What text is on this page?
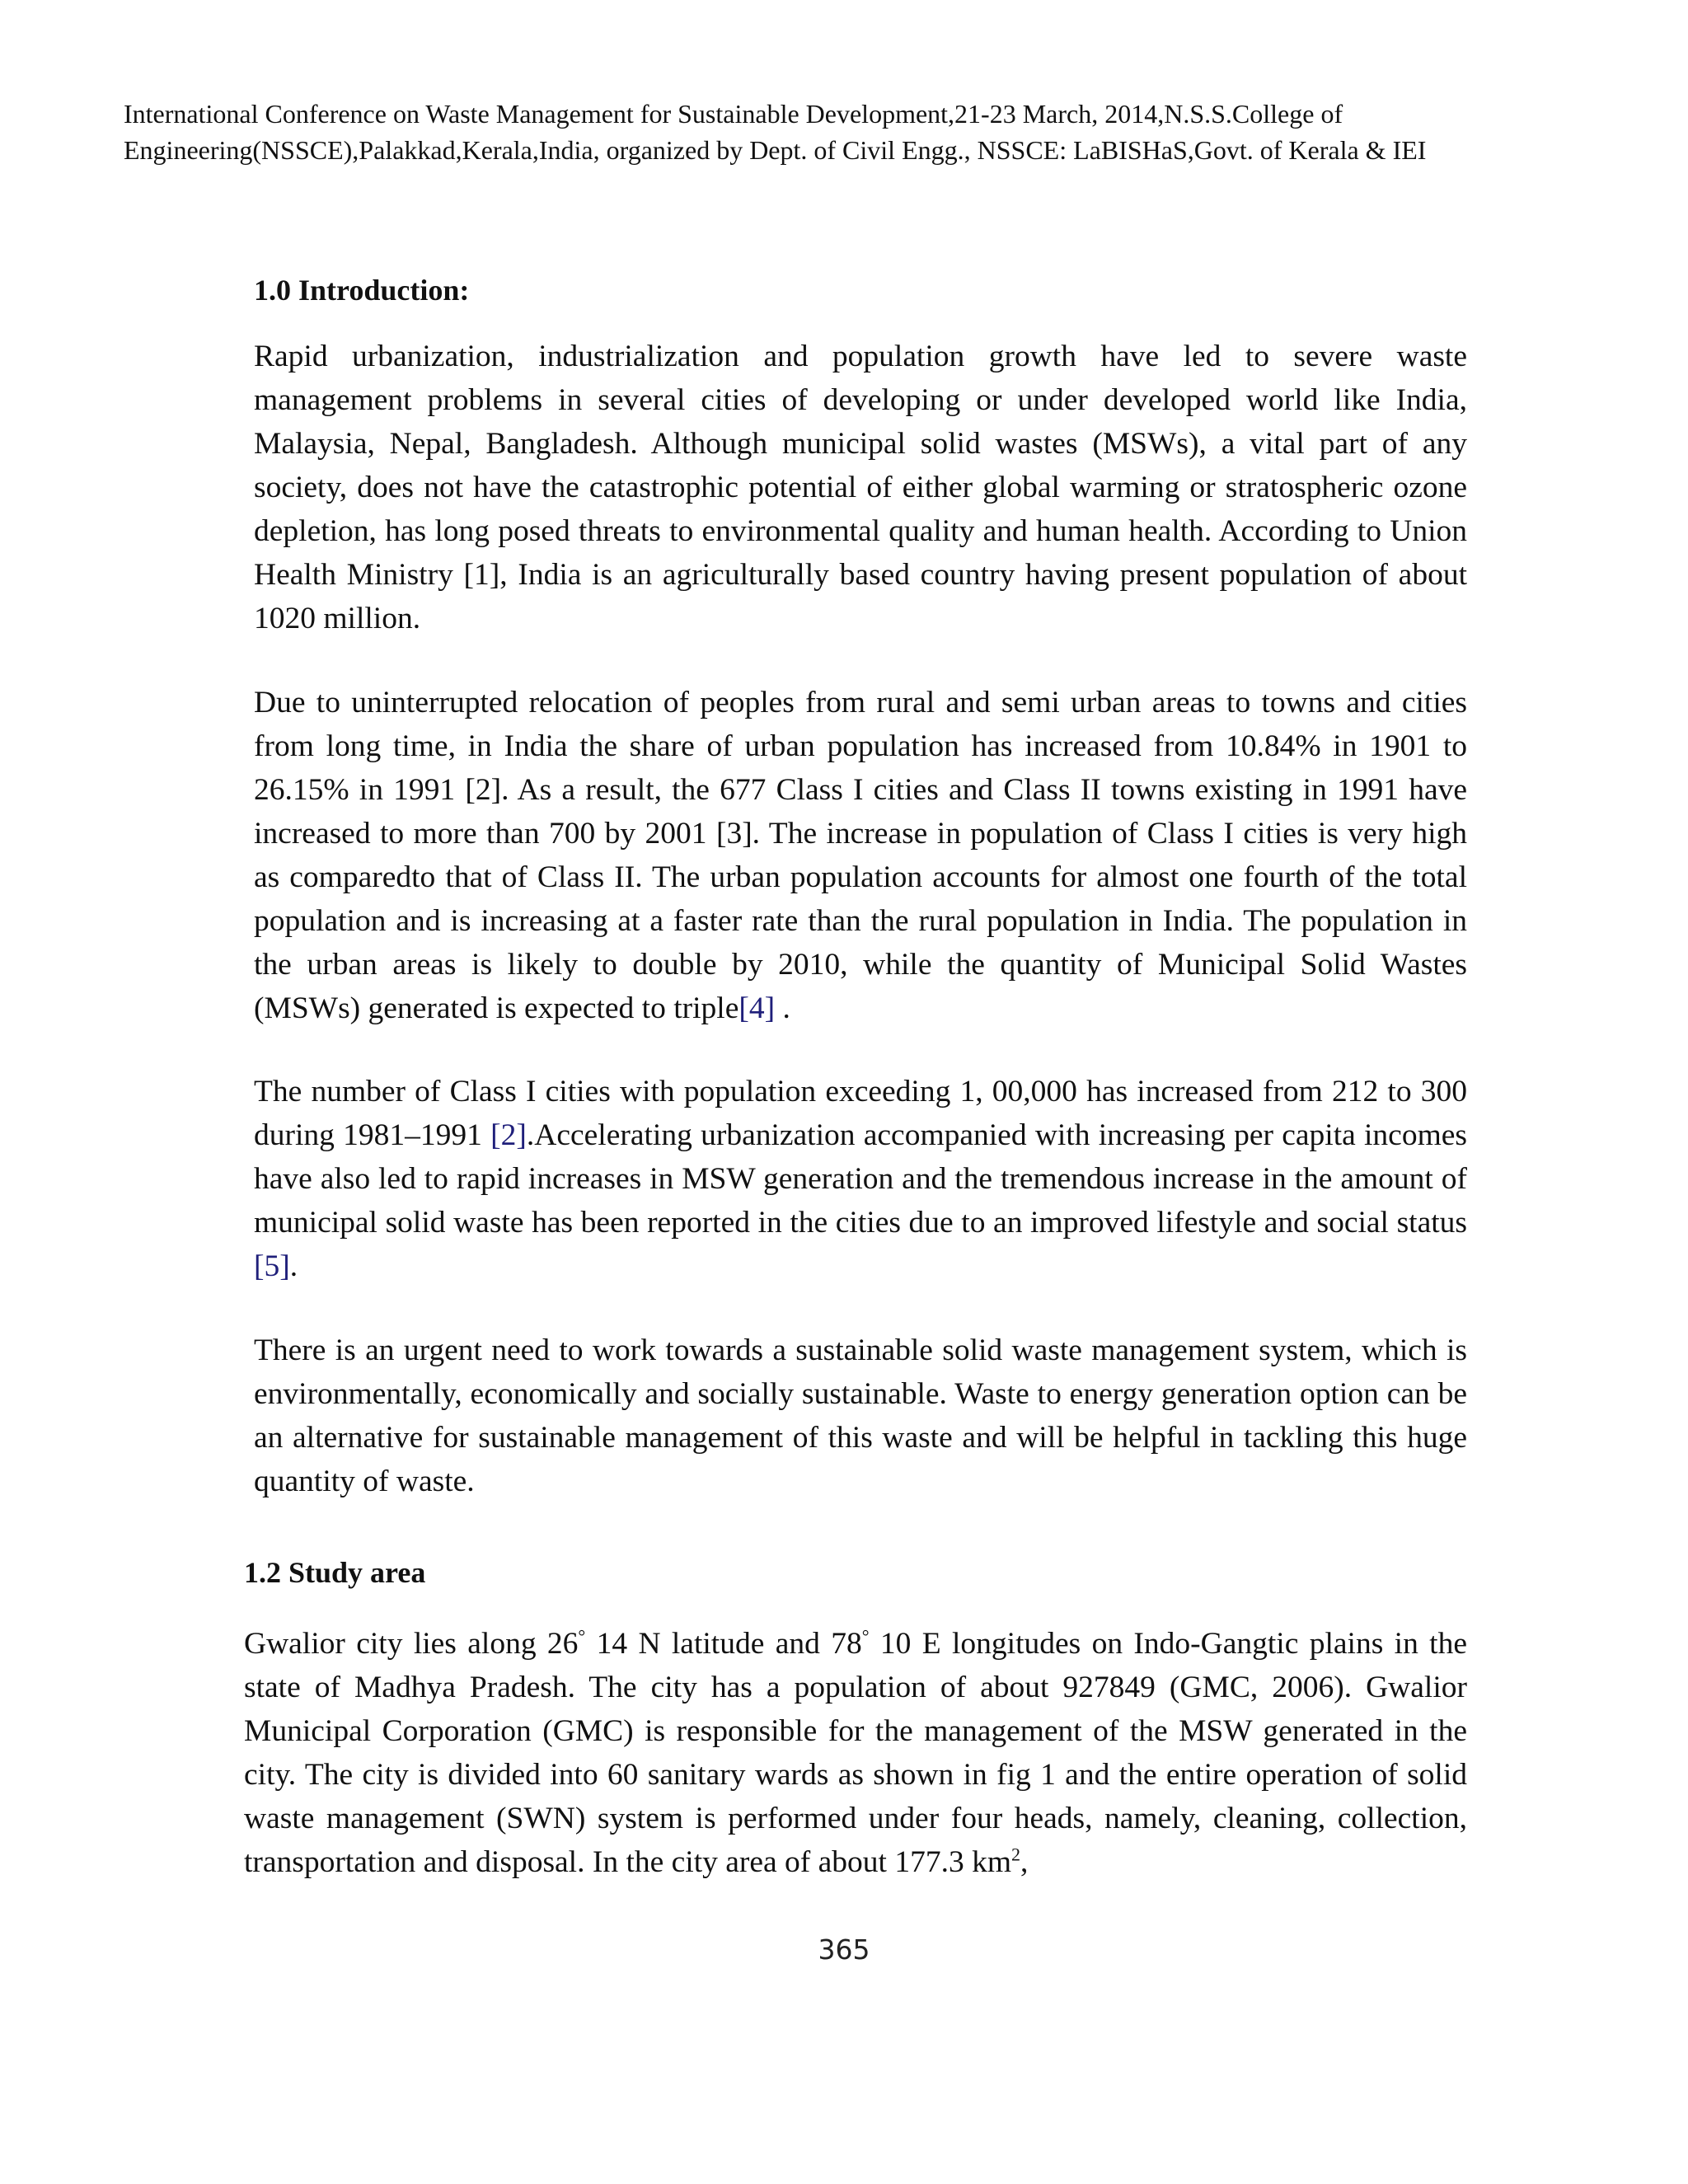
International Conference on Waste Management for Sustainable Development,21-23 March, 2014,N.S.S.College of
Engineering(NSSCE),Palakkad,Kerala,India, organized by Dept. of Civil Engg., NSSCE: LaBISHaS,Govt. of Kerala & IEI
1.0 Introduction:

Rapid urbanization, industrialization and population growth have led to severe waste management problems in several cities of developing or under developed world like India, Malaysia, Nepal, Bangladesh. Although municipal solid wastes (MSWs), a vital part of any society, does not have the catastrophic potential of either global warming or stratospheric ozone depletion, has long posed threats to environmental quality and human health. According to Union Health Ministry [1], India is an agriculturally based country having present population of about 1020 million.

Due to uninterrupted relocation of peoples from rural and semi urban areas to towns and cities from long time, in India the share of urban population has increased from 10.84% in 1901 to 26.15% in 1991 [2]. As a result, the 677 Class I cities and Class II towns existing in 1991 have increased to more than 700 by 2001 [3]. The increase in population of Class I cities is very high as comparedto that of Class II. The urban population accounts for almost one fourth of the total population and is increasing at a faster rate than the rural population in India. The population in the urban areas is likely to double by 2010, while the quantity of Municipal Solid Wastes (MSWs) generated is expected to triple[4] .

The number of Class I cities with population exceeding 1, 00,000 has increased from 212 to 300 during 1981–1991 [2].Accelerating urbanization accompanied with increasing per capita incomes have also led to rapid increases in MSW generation and the tremendous increase in the amount of municipal solid waste has been reported in the cities due to an improved lifestyle and social status [5].

There is an urgent need to work towards a sustainable solid waste management system, which is environmentally, economically and socially sustainable. Waste to energy generation option can be an alternative for sustainable management of this waste and will be helpful in tackling this huge quantity of waste.

1.2 Study area

Gwalior city lies along 26° 14 N latitude and 78° 10 E longitudes on Indo-Gangtic plains in the state of Madhya Pradesh. The city has a population of about 927849 (GMC, 2006). Gwalior Municipal Corporation (GMC) is responsible for the management of the MSW generated in the city. The city is divided into 60 sanitary wards as shown in fig 1 and the entire operation of solid waste management (SWN) system is performed under four heads, namely, cleaning, collection, transportation and disposal. In the city area of about 177.3 $km^2$,

365
